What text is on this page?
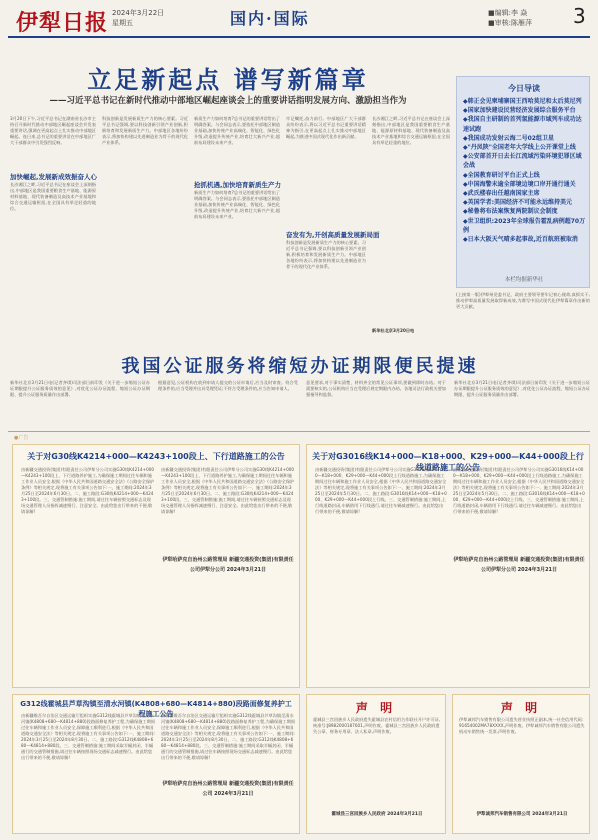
伊犁日报 2024年3月22日
星期五	国内·国际	■编辑:李 焱
■审核:陈雁萍 3
立足新起点 谱写新篇章
——习近平总书记在新时代推动中部地区崛起座谈会上的重要讲话指明发展方向、激励担当作为
3月20日下午,习近平总书记在湖南省长沙市主持召开新时代推动中部地区崛起座谈会并发表重要讲话,强调在更高起点上扎实推动中部地区崛起。连日来,总书记的重要讲话在中部地区广大干部群众中引发强烈反响。
加快崛起,发展新成效振奋人心
长沙湘江之畔,习近平总书记在座谈会上深刻指出,中部地区是我国重要粮食生产基地、能源原材料基地、现代装备制造及高技术产业基地和综合交通运输枢纽,在全国具有举足轻重的地位。
科技创新是发展新质生产力的核心要素。习近平总书记强调,要以科技创新引领产业创新,积极培育和发展新质生产力。中部地区各地纷纷表示,将加快构建以先进制造业为骨干的现代化产业体系。
新质生产力如何培育?总书记的重要讲话给出了明确答案。与会同志表示,要依托中部地区制造业基础,加快传统产业高端化、智能化、绿色化升级,改造提升传统产业,培育壮大新兴产业,超前布局建设未来产业。
抢抓机遇,加快培育新质生产力
新质生产力如何培育?总书记的重要讲话给出了明确答案。与会同志表示,要依托中部地区制造业基础,加快传统产业高端化、智能化、绿色化升级,改造提升传统产业,培育壮大新兴产业,超前布局建设未来产业。
牢记嘱托,奋力前行。中部地区广大干部群众纷纷表示,将以习近平总书记重要讲话精神为指引,在更高起点上扎实推动中部地区崛起,为推进中国式现代化作出新贡献。
奋发有为,开创高质量发展新局面
科技创新是发展新质生产力的核心要素。习近平总书记强调,要以科技创新引领产业创新,积极培育和发展新质生产力。中部地区各地纷纷表示,将加快构建以先进制造业为骨干的现代化产业体系。
长沙湘江之畔,习近平总书记在座谈会上深刻指出,中部地区是我国重要粮食生产基地、能源原材料基地、现代装备制造及高技术产业基地和综合交通运输枢纽,在全国具有举足轻重的地位。
新华社北京3月20日电
今日导读
◆韩正会见柬埔寨国王西哈莫尼和太后莫尼列
◆国家加快建设民营经济发展综合服务平台
◆我国自主研制的首列氢能源市域列车成功达速试跑
◆我国成功发射云海二号02组卫星
◆"丹凤陕"全国老年大学线上公开课堂上线
◆公安部首开日去长江流域污染环境犯罪区域会战
◆全国教育研讨平台正式上线
◆中国海警未逾全部境边境口岸开通行通关
◆武氏楼春出任越南国家主席
◆英国学者:美国经济不可能永远维持美元
◆秘鲁将布法案恢复两院制议会制度
◆世卫组织:2023年全球报告霍乱病例超70万例
◆日本大阪天气晴多起事故,近百航班被取消
本栏均据新华社
(上接第一版)伊犁州党委书记、政府主要领导要牢记初心使命,真抓实干,推动伊犁高质量发展取得新成效,为谱写中国式现代化伊犁篇章作出新的更大贡献。
我国公证服务将缩短办证期限便民提速
新华社北京3月21日电(记者齐琪)司法部日前印发《关于进一步缩短公证办证期限提升公证服务质效的意见》,对优化公证办证流程、缩短公证办证期限、提升公证服务质量作出部署。
根据意见,公证机构在收到申请人提交的公证申请后,应当及时审查。符合受理条件的,应当受理并出具受理凭证;不符合受理条件的,应当告知申请人。
意见要求,对于事实清楚、材料齐全的常见公证事项,要做到即时办结。对于需要核实的,公证机构应当在受理后规定期限内办结。各地司法行政机关要加强指导和监督。
新华社北京3月21日电(记者齐琪)司法部日前印发《关于进一步缩短公证办证期限提升公证服务质效的意见》,对优化公证办证流程、缩短公证办证期限、提升公证服务质量作出部署。
●广告
关于对G30线K4214+000—K4243+100段上、下行道路施工的公告
由新疆交通投资(集团)有限责任公司伊犁分公司实施G30线K4214+000—K4243+100段上、下行道路养护施工,为确保施工期间过往车辆和施工作业人员安全,根据《中华人民共和国道路交通安全法》《公路安全保护条例》等相关规定,现将施工有关事项公告如下:一、施工期间:2024年3月25日至2024年6月30日。二、施工路段:G30线K4214+000—K4243+100段。三、交通管制措施:施工期间,请过往车辆按照交通标志及现场交通管理人员指挥减速慢行、注意安全。由此给您出行带来的不便,敬请谅解!
由新疆交通投资(集团)有限责任公司伊犁分公司实施G30线K4214+000—K4243+100段上、下行道路养护施工,为确保施工期间过往车辆和施工作业人员安全,根据《中华人民共和国道路交通安全法》《公路安全保护条例》等相关规定,现将施工有关事项公告如下:一、施工期间:2024年3月25日至2024年6月30日。二、施工路段:G30线K4214+000—K4243+100段。三、交通管制措施:施工期间,请过往车辆按照交通标志及现场交通管理人员指挥减速慢行、注意安全。由此给您出行带来的不便,敬请谅解!
伊犁哈萨克自治州公路管理局 新疆交通投资(集团)有限责任公司伊犁分公司 2024年3月21日
关于对G3016线K14+000—K18+000、K29+000—K44+000段上行线道路施工的公告
由新疆交通投资(集团)有限责任公司伊犁分公司实施G3016线K14+000—K18+000、K29+000—K44+000段上行线道路施工,为确保施工期间过往车辆和施工作业人员安全,根据《中华人民共和国道路交通安全法》等相关规定,现将施工有关事项公告如下:一、施工期间:2024年3月25日至2024年5月30日。二、施工路段:G3016线K14+000—K18+000、K29+000—K44+000段上行线。三、交通管制措施:施工期间,上行线道路封闭,车辆借用下行线通行,请过往车辆减速慢行。由此给您出行带来的不便,敬请谅解!
由新疆交通投资(集团)有限责任公司伊犁分公司实施G3016线K14+000—K18+000、K29+000—K44+000段上行线道路施工,为确保施工期间过往车辆和施工作业人员安全,根据《中华人民共和国道路交通安全法》等相关规定,现将施工有关事项公告如下:一、施工期间:2024年3月25日至2024年5月30日。二、施工路段:G3016线K14+000—K18+000、K29+000—K44+000段上行线。三、交通管制措施:施工期间,上行线道路封闭,车辆借用下行线通行,请过往车辆减速慢行。由此给您出行带来的不便,敬请谅解!
伊犁哈萨克自治州公路管理局 新疆交通投资(集团)有限责任公司伊犁分公司 2024年3月21日
G312线霍城县芦草沟镇至清水河镇(K4808+680—K4814+880)段路面修复养护工程施工公告
由新疆维吾尔自治区交通运输厅组织实施G312线霍城县芦草沟镇至清水河镇(K4808+680—K4814+880)段路面修复养护工程,为确保施工期间过往车辆和施工作业人员安全,保障施工顺利进行,根据《中华人民共和国道路交通安全法》等相关规定,现将施工有关事项公告如下:一、施工期间:2024年3月25日至2024年8月30日。二、施工路段:G312线K4808+680—K4814+880段。三、交通管制措施:施工期间采取半幅封闭、半幅通行的交通管制措施,请过往车辆按照现场交通标志减速慢行。由此给您出行带来的不便,敬请谅解!
由新疆维吾尔自治区交通运输厅组织实施G312线霍城县芦草沟镇至清水河镇(K4808+680—K4814+880)段路面修复养护工程,为确保施工期间过往车辆和施工作业人员安全,保障施工顺利进行,根据《中华人民共和国道路交通安全法》等相关规定,现将施工有关事项公告如下:一、施工期间:2024年3月25日至2024年8月30日。二、施工路段:G312线K4808+680—K4814+880段。三、交通管制措施:施工期间采取半幅封闭、半幅通行的交通管制措施,请过往车辆按照现场交通标志减速慢行。由此给您出行带来的不便,敬请谅解!
伊犁哈萨克自治州公路管理局 新疆交通投资(集团)有限责任公司 2024年3月21日
声 明
霍城县三宫回族乡人民政府遗失霍城县农村信用合作联社开户许可证,核准号:J8982000187601,声明作废。霍城县三宫回族乡人民政府遗失公章、财务专用章、法人私章,声明作废。
霍城县三宫回族乡人民政府 2024年3月21日
声 明
伊犁诚邦汽车销售有限公司遗失营业执照正副本,统一社会信用代码:91654002MA78XXXX,声明作废。伊犁诚邦汽车销售有限公司遗失机动车销售统一发票,声明作废。
伊犁诚邦汽车销售有限公司 2024年3月21日
